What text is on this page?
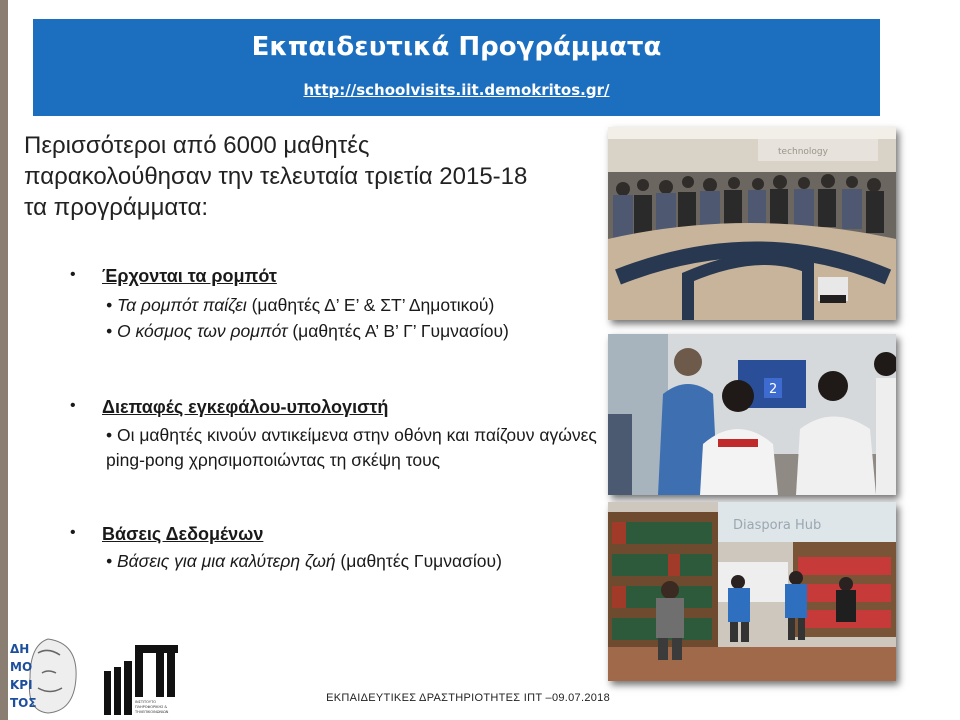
Εκπαιδευτικά Προγράμματα
http://schoolvisits.iit.demokritos.gr/
Περισσότεροι από 6000 μαθητές
παρακολούθησαν την τελευταία τριετία 2015-18
τα προγράμματα:
• Έρχονται τα ρομπότ
• Τα ρομπότ παίζει (μαθητές Δ’ Ε’ & ΣΤ’ Δημοτικού)
• Ο κόσμος των ρομπότ (μαθητές Α’ Β’ Γ’ Γυμνασίου)
• Διεπαφές εγκεφάλου-υπολογιστή
• Οι μαθητές κινούν αντικείμενα στην οθόνη και παίζουν αγώνες ping-pong χρησιμοποιώντας τη σκέψη τους
• Βάσεις Δεδομένων
• Βάσεις για μια καλύτερη ζωή (μαθητές Γυμνασίου)
technology
2
Diaspora Hub
ΔΗ
ΜΟ
ΚΡΙ
ΤΟΣ	ΙΝΣΤΙΤΟΥΤΟ
ΠΛΗΡΟΦΟΡΙΚΗΣ &
ΤΗΛΕΠΙΚΟΙΝΩΝΙΩΝ
ΕΚΠΑΙΔΕΥΤΙΚΕΣ ΔΡΑΣΤΗΡΙΟΤΗΤΕΣ ΙΠΤ –09.07.2018
